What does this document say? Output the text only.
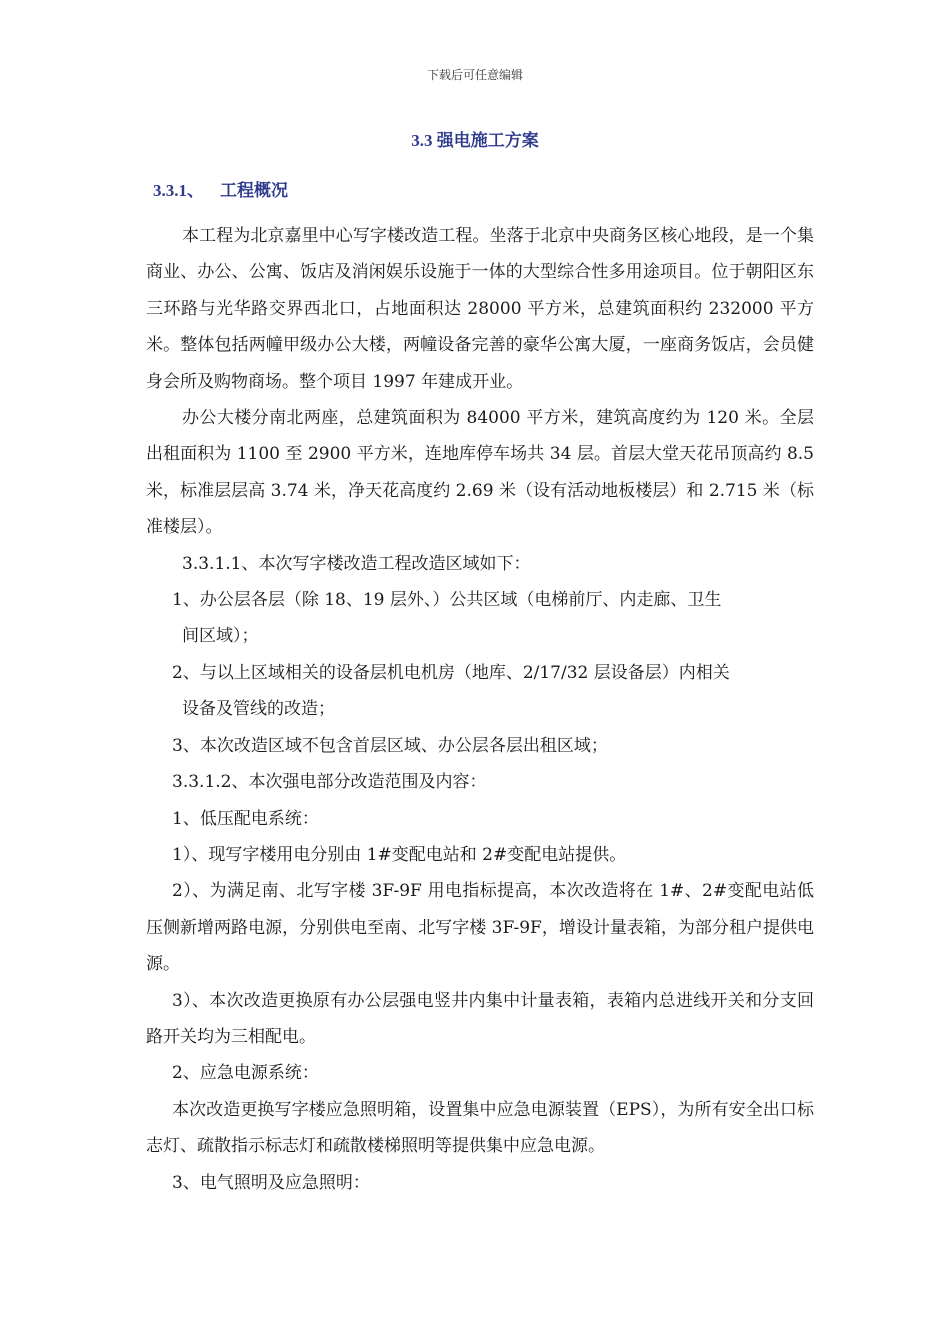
下载后可任意编辑
3.3 强电施工方案
3.3.1、 工程概况

本工程为北京嘉里中心写字楼改造工程。坐落于北京中央商务区核心地段，是一个集商业、办公、公寓、饭店及消闲娱乐设施于一体的大型综合性多用途项目。位于朝阳区东三环路与光华路交界西北口，占地面积达 28000 平方米，总建筑面积约 232000 平方米。整体包括两幢甲级办公大楼，两幢设备完善的豪华公寓大厦，一座商务饭店，会员健身会所及购物商场。整个项目 1997 年建成开业。

办公大楼分南北两座，总建筑面积为 84000 平方米，建筑高度约为 120 米。全层出租面积为 1100 至 2900 平方米，连地库停车场共 34 层。首层大堂天花吊顶高约 8.5 米，标准层层高 3.74 米，净天花高度约 2.69 米（设有活动地板楼层）和 2.715 米（标准楼层）。

3.3.1.1、本次写字楼改造工程改造区域如下：

1、办公层各层（除 18、19 层外、）公共区域（电梯前厅、内走廊、卫生

间区域）；

2、与以上区域相关的设备层机电机房（地库、2/17/32 层设备层）内相关

设备及管线的改造；

3、本次改造区域不包含首层区域、办公层各层出租区域；

3.3.1.2、本次强电部分改造范围及内容：

1、低压配电系统：

1）、现写字楼用电分别由 1#变配电站和 2#变配电站提供。

2）、为满足南、北写字楼 3F-9F 用电指标提高，本次改造将在 1#、2#变配电站低压侧新增两路电源，分别供电至南、北写字楼 3F-9F，增设计量表箱，为部分租户提供电源。

3）、本次改造更换原有办公层强电竖井内集中计量表箱，表箱内总进线开关和分支回路开关均为三相配电。

2、应急电源系统：

本次改造更换写字楼应急照明箱，设置集中应急电源装置（EPS），为所有安全出口标志灯、疏散指示标志灯和疏散楼梯照明等提供集中应急电源。

3、电气照明及应急照明：
